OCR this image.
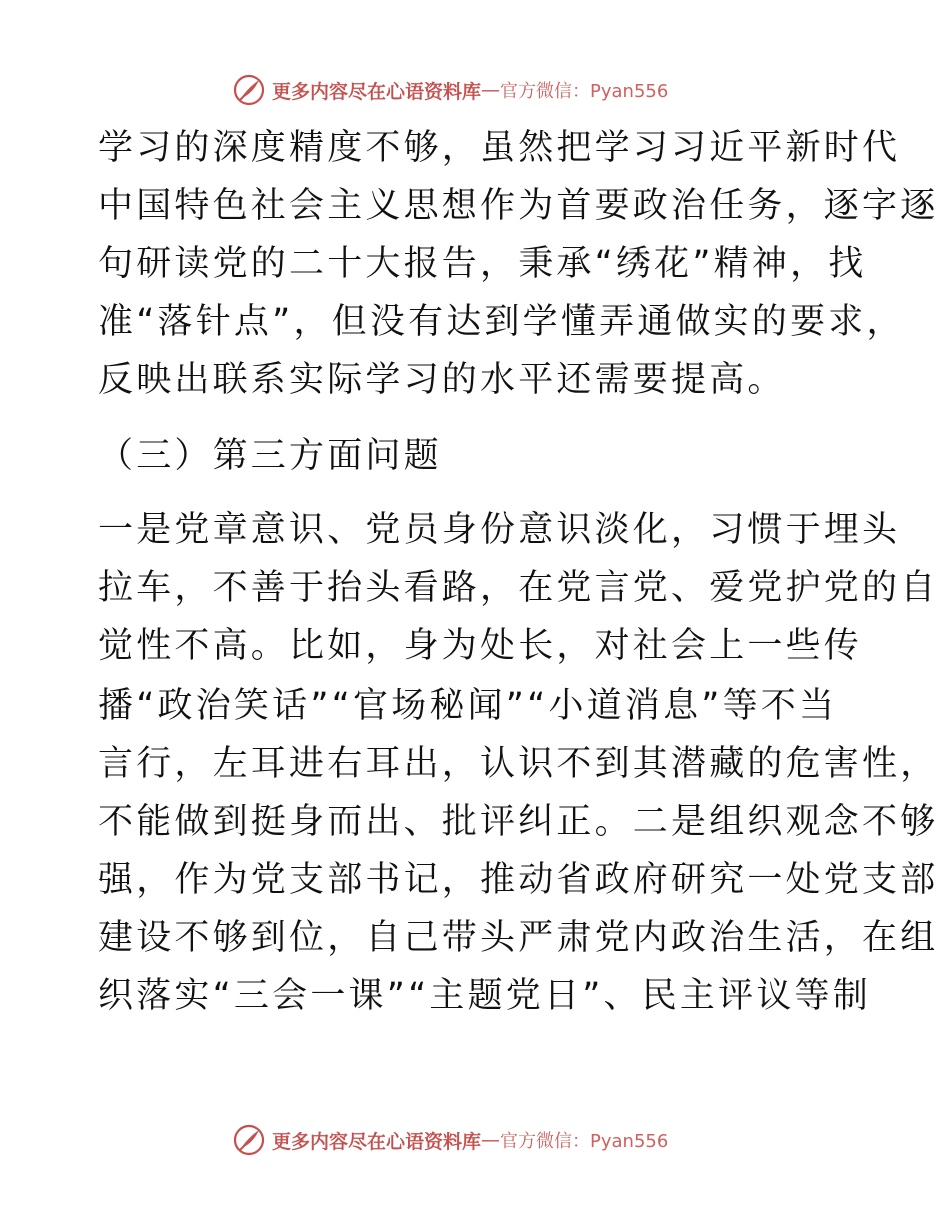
更多内容尽在心语资料库 — 官方微信：Pyan556
学习的深度精度不够，虽然把学习习近平新时代
中国特色社会主义思想作为首要政治任务，逐字逐
句研读党的二十大报告，秉承“绣花”精神，找
准“落针点”，但没有达到学懂弄通做实的要求，
反映出联系实际学习的水平还需要提高。
（三）第三方面问题
一是党章意识、党员身份意识淡化，习惯于埋头
拉车，不善于抬头看路，在党言党、爱党护党的自
觉性不高。比如，身为处长，对社会上一些传
播“政治笑话”“官场秘闻”“小道消息”等不当
言行，左耳进右耳出，认识不到其潜藏的危害性，
不能做到挺身而出、批评纠正。二是组织观念不够
强，作为党支部书记，推动省政府研究一处党支部
建设不够到位，自己带头严肃党内政治生活，在组
织落实“三会一课”“主题党日”、民主评议等制
更多内容尽在心语资料库 — 官方微信：Pyan556
